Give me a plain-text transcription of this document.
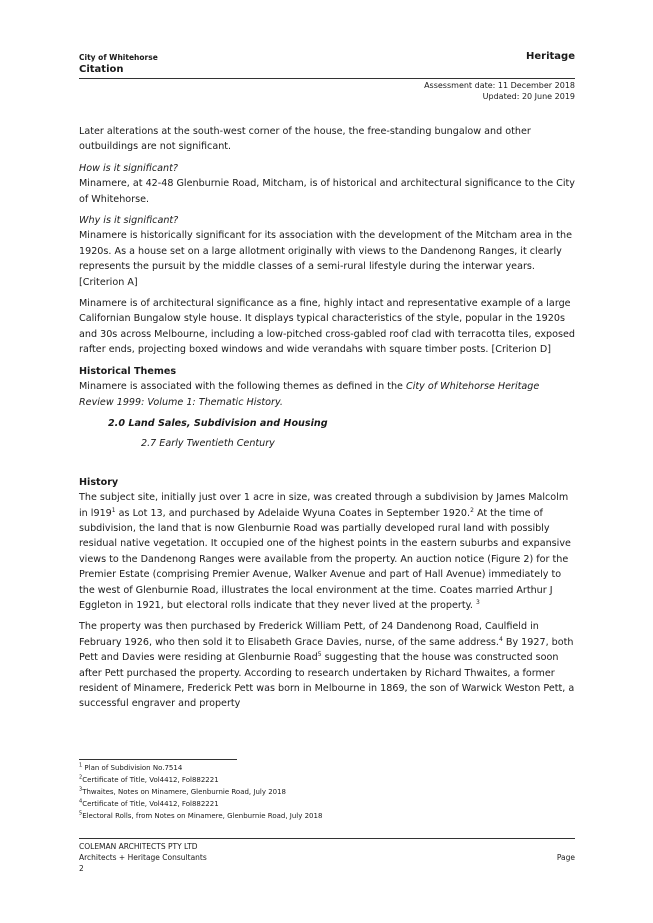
City of Whitehorse
Citation
Heritage
Assessment date: 11 December 2018
Updated: 20 June 2019

Later alterations at the south-west corner of the house, the free-standing bungalow and other outbuildings are not significant.

How is it significant?

Minamere, at 42-48 Glenburnie Road, Mitcham, is of historical and architectural significance to the City of Whitehorse.

Why is it significant?

Minamere is historically significant for its association with the development of the Mitcham area in the 1920s. As a house set on a large allotment originally with views to the Dandenong Ranges, it clearly represents the pursuit by the middle classes of a semi-rural lifestyle during the interwar years. [Criterion A]

Minamere is of architectural significance as a fine, highly intact and representative example of a large Californian Bungalow style house. It displays typical characteristics of the style, popular in the 1920s and 30s across Melbourne, including a low-pitched cross-gabled roof clad with terracotta tiles, exposed rafter ends, projecting boxed windows and wide verandahs with square timber posts. [Criterion D]

Historical Themes

Minamere is associated with the following themes as defined in the City of Whitehorse Heritage Review 1999: Volume 1: Thematic History.

2.0 Land Sales, Subdivision and Housing

2.7 Early Twentieth Century

History

The subject site, initially just over 1 acre in size, was created through a subdivision by James Malcolm in $l919^1$ as Lot 13, and purchased by Adelaide Wyuna Coates in September 1920.$^2$ At the time of subdivision, the land that is now Glenburnie Road was partially developed rural land with possibly residual native vegetation. It occupied one of the highest points in the eastern suburbs and expansive views to the Dandenong Ranges were available from the property. An auction notice (Figure 2) for the Premier Estate (comprising Premier Avenue, Walker Avenue and part of Hall Avenue) immediately to the west of Glenburnie Road, illustrates the local environment at the time. Coates married Arthur J Eggleton in 1921, but electoral rolls indicate that they never lived at the property. $^3$

The property was then purchased by Frederick William Pett, of 24 Dandenong Road, Caulfield in February 1926, who then sold it to Elisabeth Grace Davies, nurse, of the same address.$^4$ By 1927, both Pett and Davies were residing at Glenburnie Road$^5$ suggesting that the house was constructed soon after Pett purchased the property. According to research undertaken by Richard Thwaites, a former resident of Minamere, Frederick Pett was born in Melbourne in 1869, the son of Warwick Weston Pett, a successful engraver and property

$^1$ Plan of Subdivision No.7514
$^2$Certificate of Title, Vol4412, Fol882221
$^3$Thwaites, Notes on Minamere, Glenburnie Road, July 2018
$^4$Certificate of Title, Vol4412, Fol882221
$^5$Electoral Rolls, from Notes on Minamere, Glenburnie Road, July 2018
COLEMAN ARCHITECTS PTY LTD
Architects + Heritage Consultants	Page
2
